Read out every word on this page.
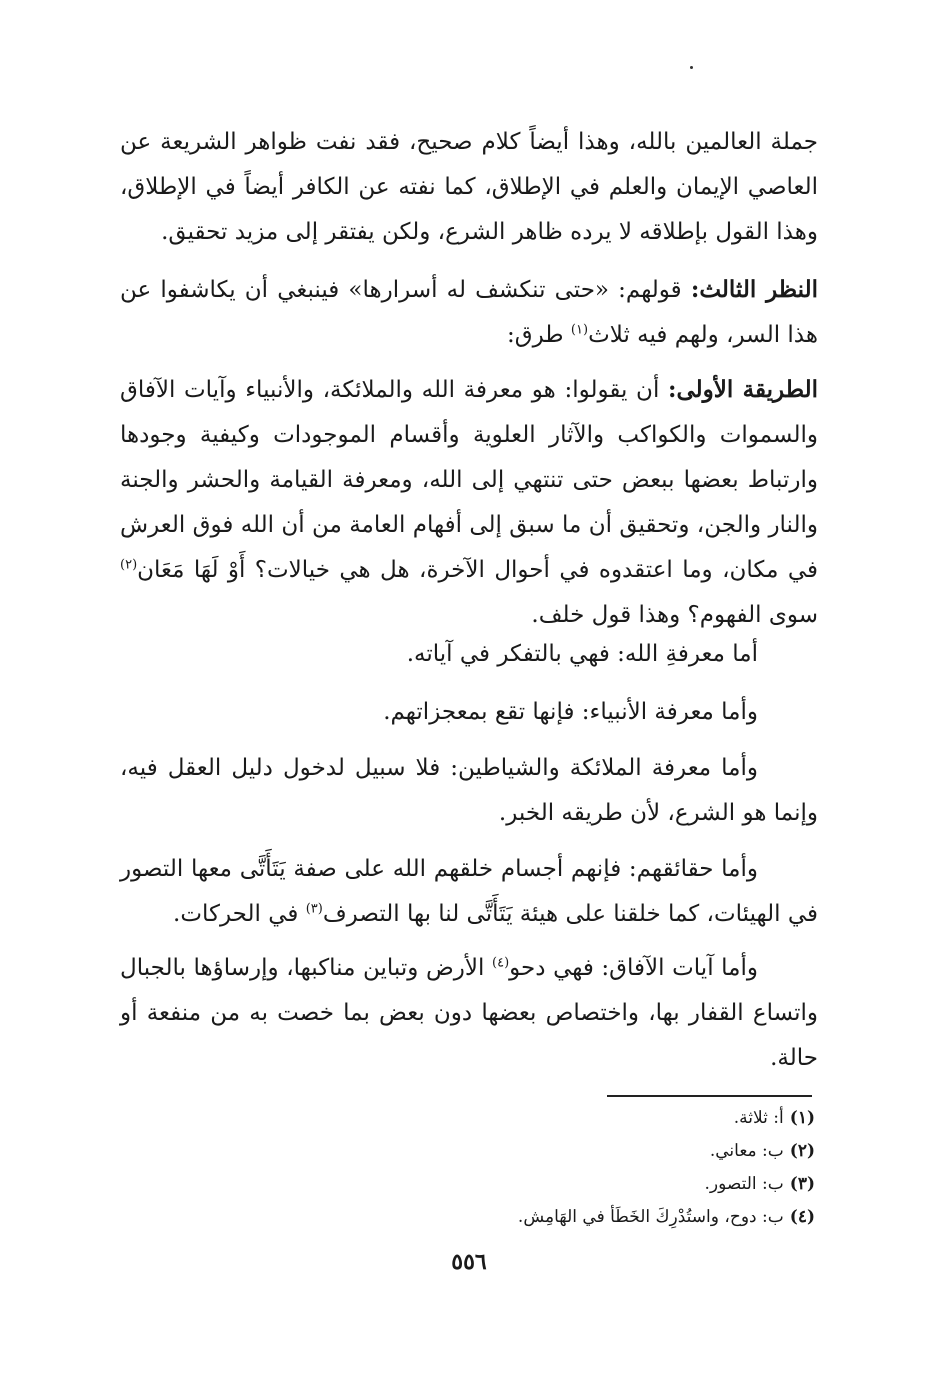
جملة العالمين بالله، وهذا أيضاً كلام صحيح، فقد نفت ظواهر الشريعة عن العاصي الإيمان والعلم في الإطلاق، كما نفته عن الكافر أيضاً في الإطلاق، وهذا القول بإطلاقه لا يرده ظاهر الشرع، ولكن يفتقر إلى مزيد تحقيق.
النظر الثالث: قولهم: «حتى تنكشف له أسرارها» فينبغي أن يكاشفوا عن هذا السر، ولهم فيه ثلاث$^{(١)}$ طرق:
الطريقة الأولى: أن يقولوا: هو معرفة الله والملائكة، والأنبياء وآيات الآفاق والسموات والكواكب والآثار العلوية وأقسام الموجودات وكيفية وجودها وارتباط بعضها ببعض حتى تنتهي إلى الله، ومعرفة القيامة والحشر والجنة والنار والجن، وتحقيق أن ما سبق إلى أفهام العامة من أن الله فوق العرش في مكان، وما اعتقدوه في أحوال الآخرة، هل هي خيالات؟ أَوْ لَهَا مَعَان$^{(٢)}$ سوى الفهوم؟ وهذا قول خلف.
أما معرفةِ الله: فهي بالتفكر في آياته.
وأما معرفة الأنبياء: فإنها تقع بمعجزاتهم.
وأما معرفة الملائكة والشياطين: فلا سبيل لدخول دليل العقل فيه، وإنما هو الشرع، لأن طريقه الخبر.
وأما حقائقهم: فإنهم أجسام خلقهم الله على صفة يَتَأَتَّى معها التصور في الهيئات، كما خلقنا على هيئة يَتَأَتَّى لنا بها التصرف$^{(٣)}$ في الحركات.
وأما آيات الآفاق: فهي دحو$^{(٤)}$ الأرض وتباين مناكبها، وإرساؤها بالجبال واتساع القفار بها، واختصاص بعضها دون بعض بما خصت به من منفعة أو حالة.
(١)أ: ثلاثة.
(٢)ب: معاني.
(٣)ب: التصور.
(٤)ب: دوح، واستُدْرِكَ الخَطَأ في الهَامِش.
٥٥٦
